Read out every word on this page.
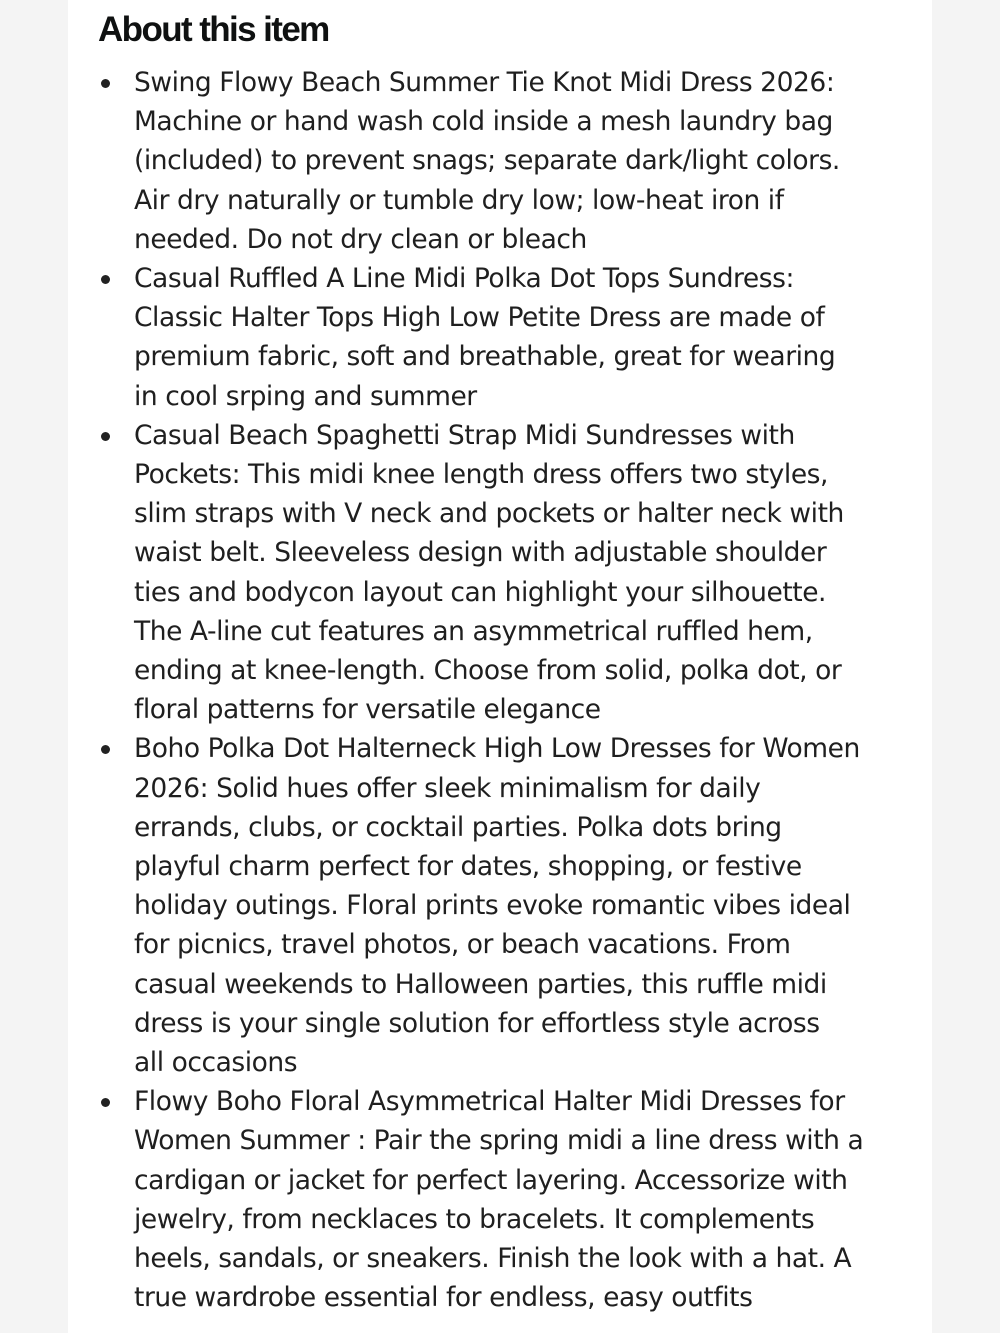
About this item
Swing Flowy Beach Summer Tie Knot Midi Dress 2026:
Machine or hand wash cold inside a mesh laundry bag
(included) to prevent snags; separate dark/light colors.
Air dry naturally or tumble dry low; low-heat iron if
needed. Do not dry clean or bleach
Casual Ruffled A Line Midi Polka Dot Tops Sundress:
Classic Halter Tops High Low Petite Dress are made of
premium fabric, soft and breathable, great for wearing
in cool srping and summer
Casual Beach Spaghetti Strap Midi Sundresses with
Pockets: This midi knee length dress offers two styles,
slim straps with V neck and pockets or halter neck with
waist belt. Sleeveless design with adjustable shoulder
ties and bodycon layout can highlight your silhouette.
The A-line cut features an asymmetrical ruffled hem,
ending at knee-length. Choose from solid, polka dot, or
floral patterns for versatile elegance
Boho Polka Dot Halterneck High Low Dresses for Women
2026: Solid hues offer sleek minimalism for daily
errands, clubs, or cocktail parties. Polka dots bring
playful charm perfect for dates, shopping, or festive
holiday outings. Floral prints evoke romantic vibes ideal
for picnics, travel photos, or beach vacations. From
casual weekends to Halloween parties, this ruffle midi
dress is your single solution for effortless style across
all occasions
Flowy Boho Floral Asymmetrical Halter Midi Dresses for
Women Summer : Pair the spring midi a line dress with a
cardigan or jacket for perfect layering. Accessorize with
jewelry, from necklaces to bracelets. It complements
heels, sandals, or sneakers. Finish the look with a hat. A
true wardrobe essential for endless, easy outfits
